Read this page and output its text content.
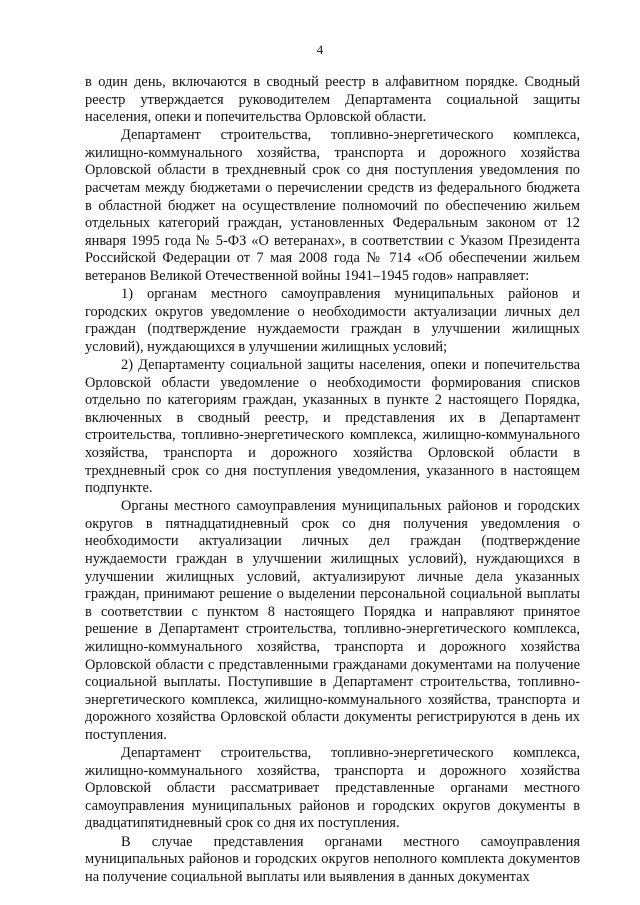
4

в один день, включаются в сводный реестр в алфавитном порядке. Сводный реестр утверждается руководителем Департамента социальной защиты населения, опеки и попечительства Орловской области.

Департамент строительства, топливно-энергетического комплекса, жилищно-коммунального хозяйства, транспорта и дорожного хозяйства Орловской области в трехдневный срок со дня поступления уведомления по расчетам между бюджетами о перечислении средств из федерального бюджета в областной бюджет на осуществление полномочий по обеспечению жильем отдельных категорий граждан, установленных Федеральным законом от 12 января 1995 года № 5-ФЗ «О ветеранах», в соответствии с Указом Президента Российской Федерации от 7 мая 2008 года № 714 «Об обеспечении жильем ветеранов Великой Отечественной войны 1941–1945 годов» направляет:

1) органам местного самоуправления муниципальных районов и городских округов уведомление о необходимости актуализации личных дел граждан (подтверждение нуждаемости граждан в улучшении жилищных условий), нуждающихся в улучшении жилищных условий;

2) Департаменту социальной защиты населения, опеки и попечительства Орловской области уведомление о необходимости формирования списков отдельно по категориям граждан, указанных в пункте 2 настоящего Порядка, включенных в сводный реестр, и представления их в Департамент строительства, топливно-энергетического комплекса, жилищно-коммунального хозяйства, транспорта и дорожного хозяйства Орловской области в трехдневный срок со дня поступления уведомления, указанного в настоящем подпункте.

Органы местного самоуправления муниципальных районов и городских округов в пятнадцатидневный срок со дня получения уведомления о необходимости актуализации личных дел граждан (подтверждение нуждаемости граждан в улучшении жилищных условий), нуждающихся в улучшении жилищных условий, актуализируют личные дела указанных граждан, принимают решение о выделении персональной социальной выплаты в соответствии с пунктом 8 настоящего Порядка и направляют принятое решение в Департамент строительства, топливно-энергетического комплекса, жилищно-коммунального хозяйства, транспорта и дорожного хозяйства Орловской области с представленными гражданами документами на получение социальной выплаты. Поступившие в Департамент строительства, топливно-энергетического комплекса, жилищно-коммунального хозяйства, транспорта и дорожного хозяйства Орловской области документы регистрируются в день их поступления.

Департамент строительства, топливно-энергетического комплекса, жилищно-коммунального хозяйства, транспорта и дорожного хозяйства Орловской области рассматривает представленные органами местного самоуправления муниципальных районов и городских округов документы в двадцатипятидневный срок со дня их поступления.

В случае представления органами местного самоуправления муниципальных районов и городских округов неполного комплекта документов на получение социальной выплаты или выявления в данных документах
